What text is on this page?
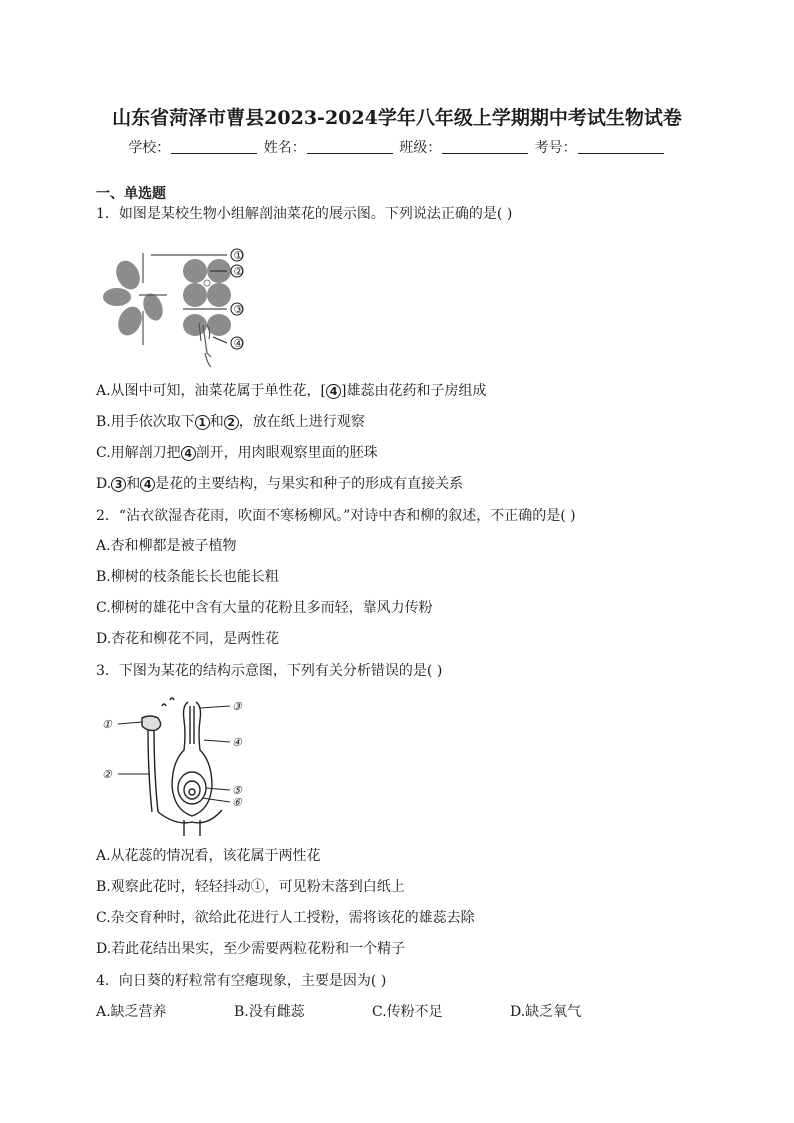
山东省菏泽市曹县2023-2024学年八年级上学期期中考试生物试卷
学校：	姓名：	班级：	考号：
一、单选题
1．如图是某校生物小组解剖油菜花的展示图。下列说法正确的是( )
①
②
③
④
A.从图中可知，油菜花属于单性花，[ 4 ]雄蕊由花药和子房组成
B.用手依次取下 1 和 2 ，放在纸上进行观察
C.用解剖刀把 4 剖开，用肉眼观察里面的胚珠
D. 3 和 4 是花的主要结构，与果实和种子的形成有直接关系
2．“沾衣欲湿杏花雨，吹面不寒杨柳风。”对诗中杏和柳的叙述，不正确的是( )
A.杏和柳都是被子植物
B.柳树的枝条能长长也能长粗
C.柳树的雄花中含有大量的花粉且多而轻，靠风力传粉
D.杏花和柳花不同，是两性花
3．下图为某花的结构示意图，下列有关分析错误的是( )
①
②
③
④
⑤
⑥
A.从花蕊的情况看，该花属于两性花
B.观察此花时，轻轻抖动①，可见粉末落到白纸上
C.杂交育种时，欲给此花进行人工授粉，需将该花的雄蕊去除
D.若此花结出果实，至少需要两粒花粉和一个精子
4．向日葵的籽粒常有空瘪现象，主要是因为( )
A.缺乏营养	B.没有雌蕊	C.传粉不足	D.缺乏氧气
